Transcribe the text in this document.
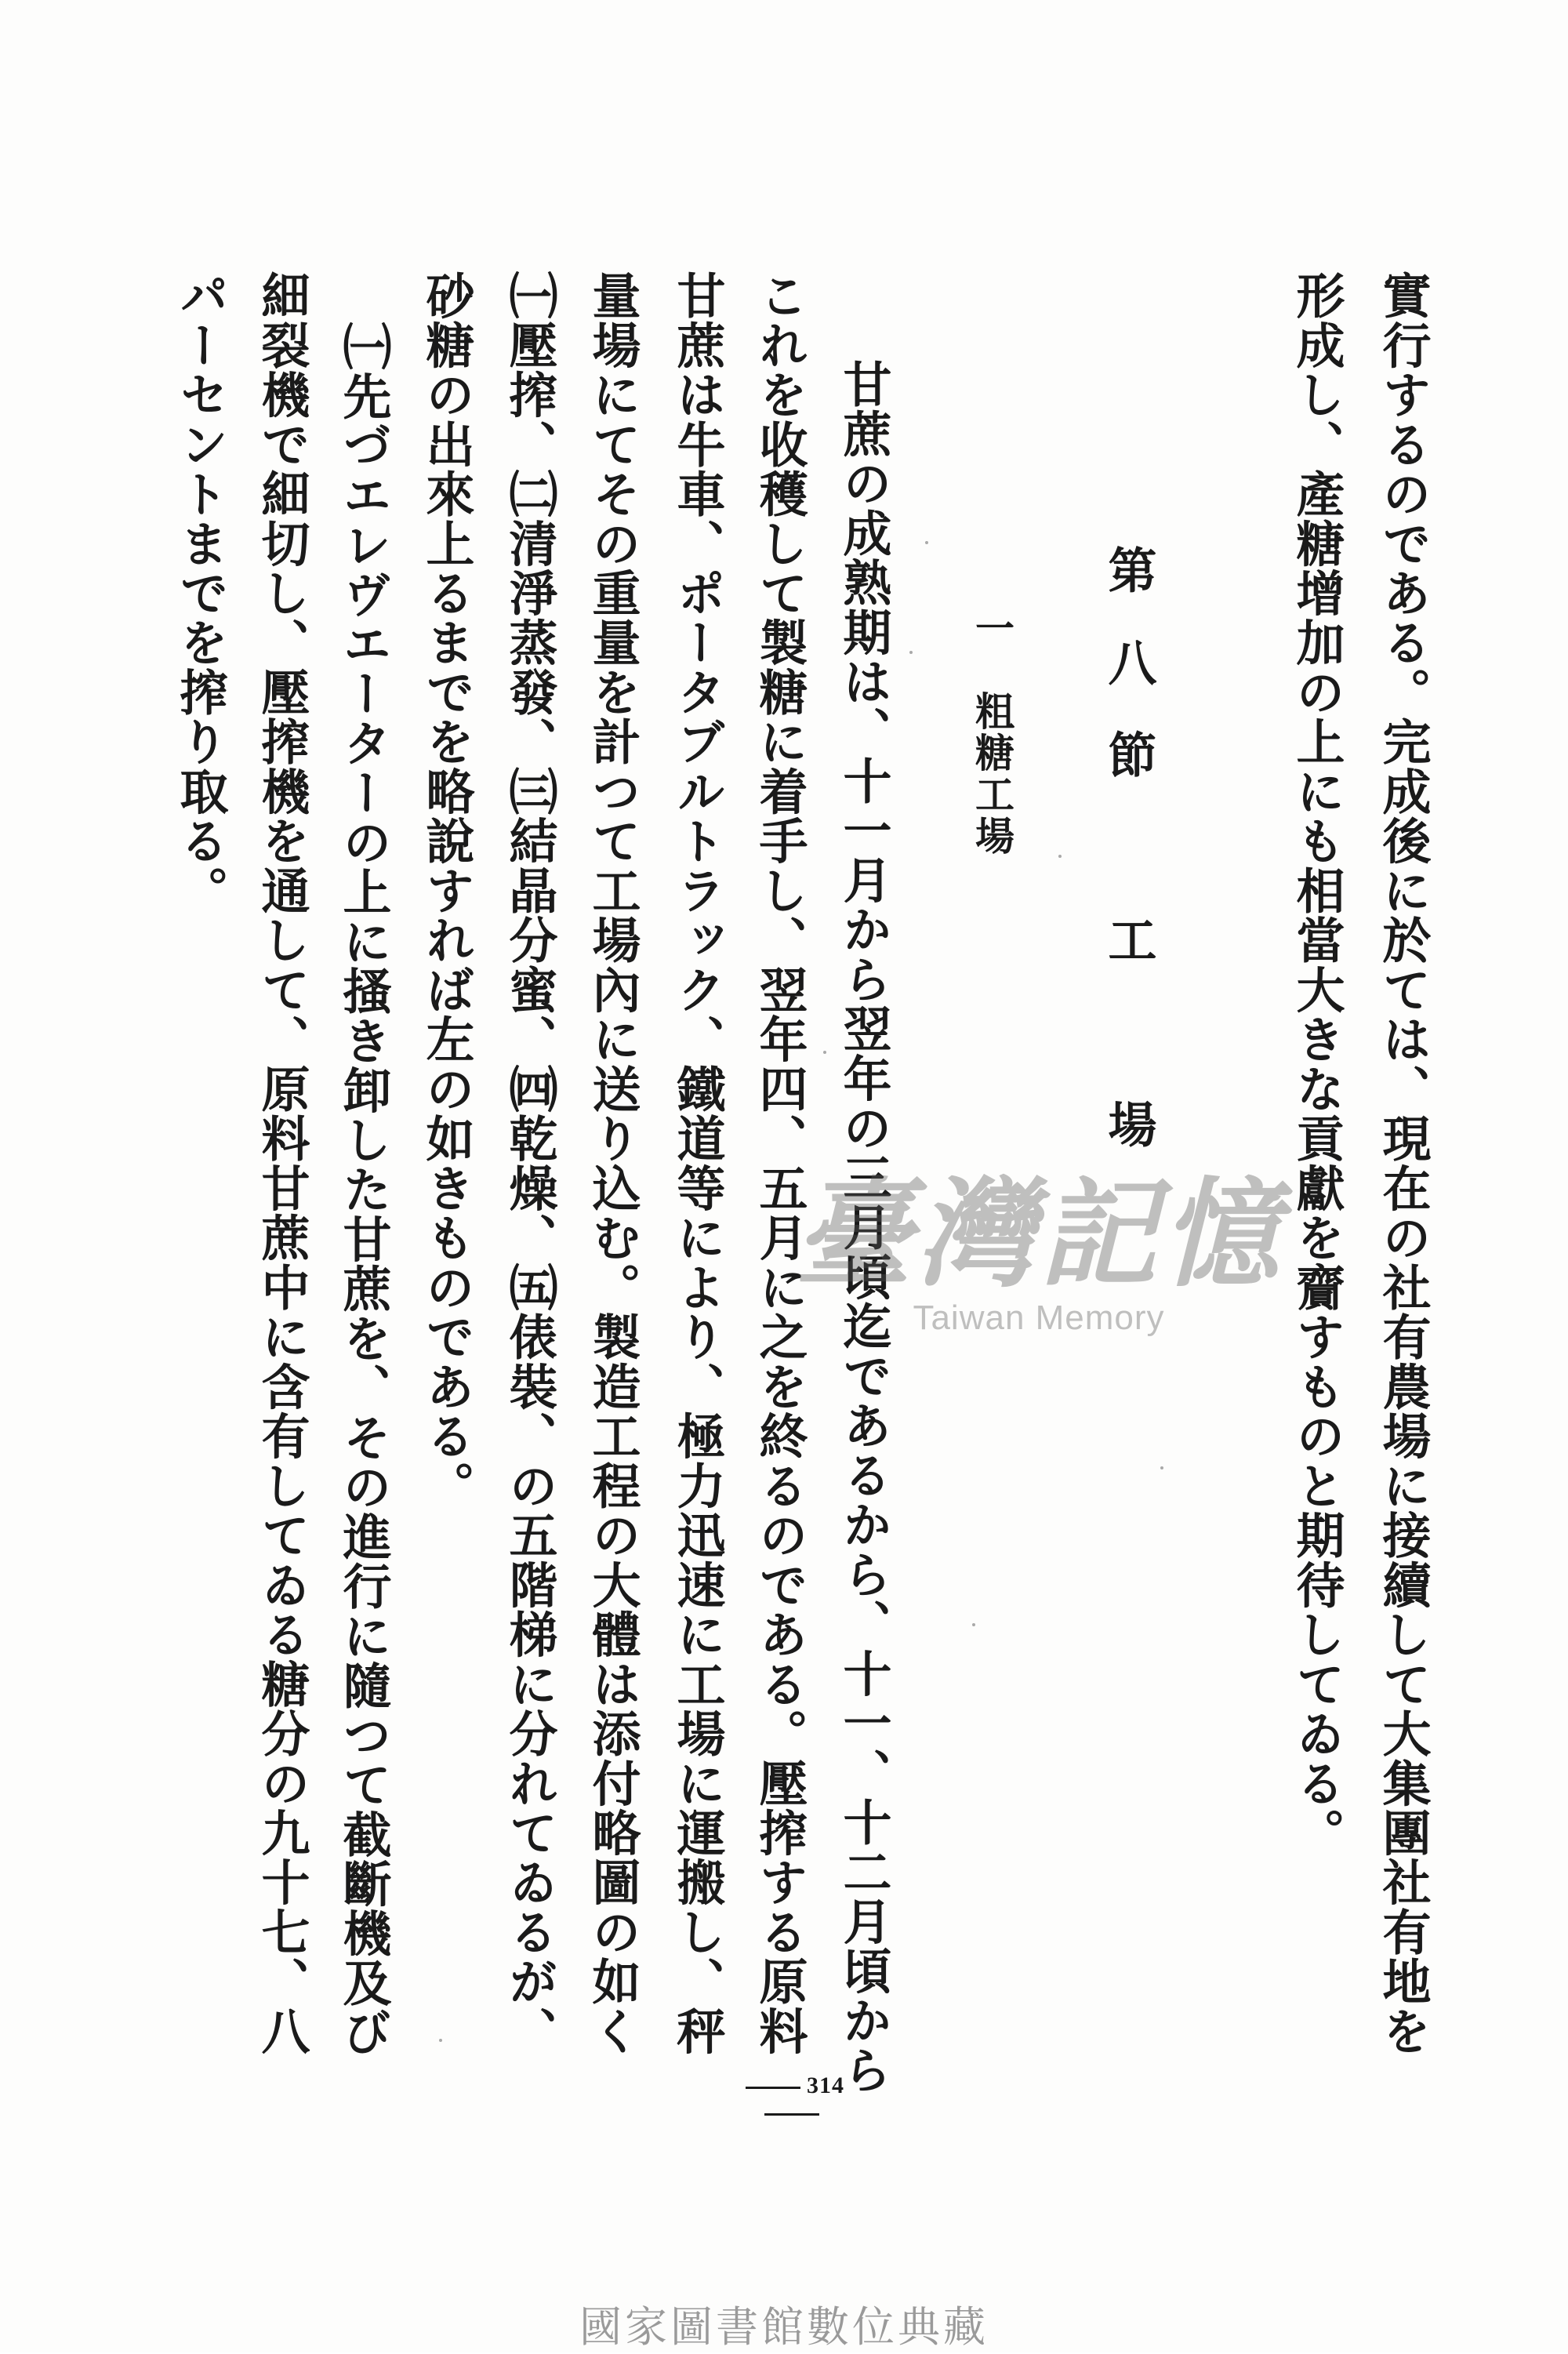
實行するのである。完成後に於ては、現在の社有農場に接續して大集團社有地を
形成し、產糖增加の上にも相當大きな貢獻を齎すものと期待してゐる。
第八節　工　場
一　粗糖工場
甘蔗の成熟期は、十一月から翌年の三月頃迄であるから、十一、十二月頃から
これを收穫して製糖に着手し、翌年四、五月に之を終るのである。壓搾する原料
甘蔗は牛車、ポータブルトラック、鐵道等により、極力迅速に工場に運搬し、秤
量場にてその重量を計つて工場內に送り込む。製造工程の大體は添付略圖の如く
㈠壓搾、㈡清淨蒸發、㈢結晶分蜜、㈣乾燥、㈤俵裝、の五階梯に分れてゐるが、
砂糖の出來上るまでを略說すれば左の如きものである。
㈠先づエレヴエーターの上に搔き卸した甘蔗を、その進行に隨つて截斷機及び
細裂機で細切し、壓搾機を通して、原料甘蔗中に含有してゐる糖分の九十七、八
パーセントまでを搾り取る。
314
臺灣記憶
Taiwan Memory
國家圖書館數位典藏
